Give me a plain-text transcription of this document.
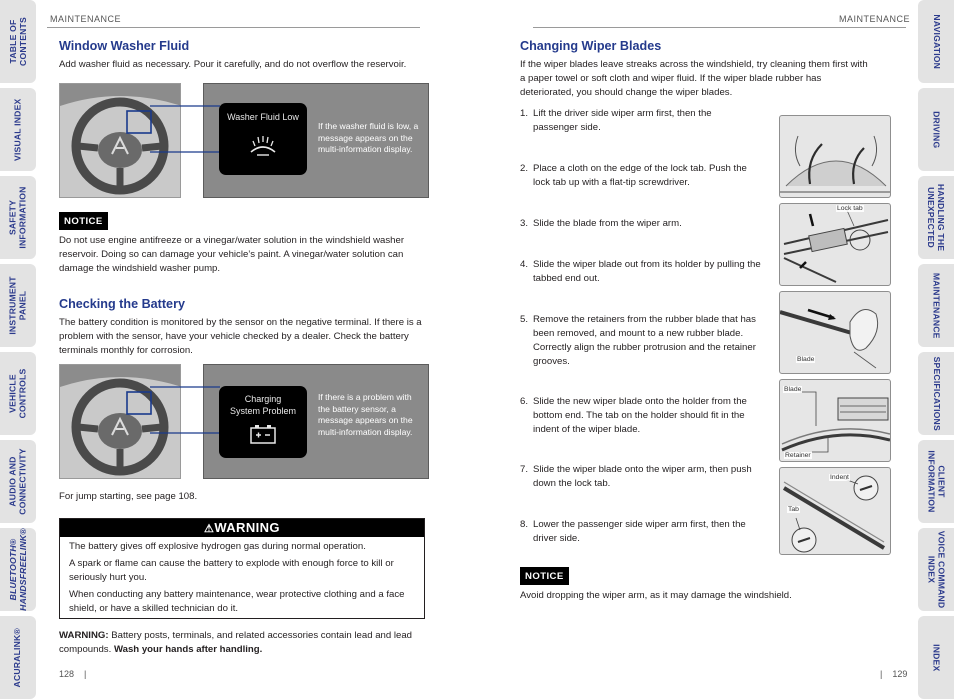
TABLE OF
CONTENTS
VISUAL INDEX
SAFETY
INFORMATION
INSTRUMENT
PANEL
VEHICLE
CONTROLS
AUDIO AND
CONNECTIVITY
BLUETOOTH®
HANDSFREELINK®
ACURALINK®
NAVIGATION
DRIVING
HANDLING THE
UNEXPECTED
MAINTENANCE
SPECIFICATIONS
CLIENT
INFORMATION
VOICE COMMAND
INDEX
INDEX
MAINTENANCE
Window Washer Fluid
Add washer fluid as necessary. Pour it carefully, and do not overflow the reservoir.
Washer Fluid Low
If the washer fluid is low, a message appears on the multi-information display.
NOTICE
Do not use engine antifreeze or a vinegar/water solution in the windshield washer reservoir. Doing so can damage your vehicle’s paint. A vinegar/water solution can damage the windshield washer pump.
Checking the Battery
The battery condition is monitored by the sensor on the negative terminal. If there is a problem with the sensor, have your vehicle checked by a dealer. Check the battery terminals monthly for corrosion.
Charging
System Problem
If there is a problem with the battery sensor, a message appears on the multi-information display.
For jump starting, see page 108.
⚠WARNING
The battery gives off explosive hydrogen gas during normal operation.
A spark or flame can cause the battery to explode with enough force to kill or seriously hurt you.
When conducting any battery maintenance, wear protective clothing and a face shield, or have a skilled technician do it.
WARNING: Battery posts, terminals, and related accessories contain lead and lead compounds. Wash your hands after handling.
128 |
MAINTENANCE
Changing Wiper Blades
If the wiper blades leave streaks across the windshield, try cleaning them first with a paper towel or soft cloth and wiper fluid. If the wiper blade rubber has deteriorated, you should change the wiper blades.
1. Lift the driver side wiper arm first, then the passenger side.
2. Place a cloth on the edge of the lock tab. Push the lock tab up with a flat-tip screwdriver.
3. Slide the blade from the wiper arm.
4. Slide the wiper blade out from its holder by pulling the tabbed end out.
5. Remove the retainers from the rubber blade that has been removed, and mount to a new rubber blade. Correctly align the rubber protrusion and the retainer grooves.
6. Slide the new wiper blade onto the holder from the bottom end. The tab on the holder should fit in the indent of the wiper blade.
7. Slide the wiper blade onto the wiper arm, then push down the lock tab.
8. Lower the passenger side wiper arm first, then the driver side.
Lock tab
Blade
Blade
Retainer
Indent
Tab
NOTICE
Avoid dropping the wiper arm, as it may damage the windshield.
| 129
